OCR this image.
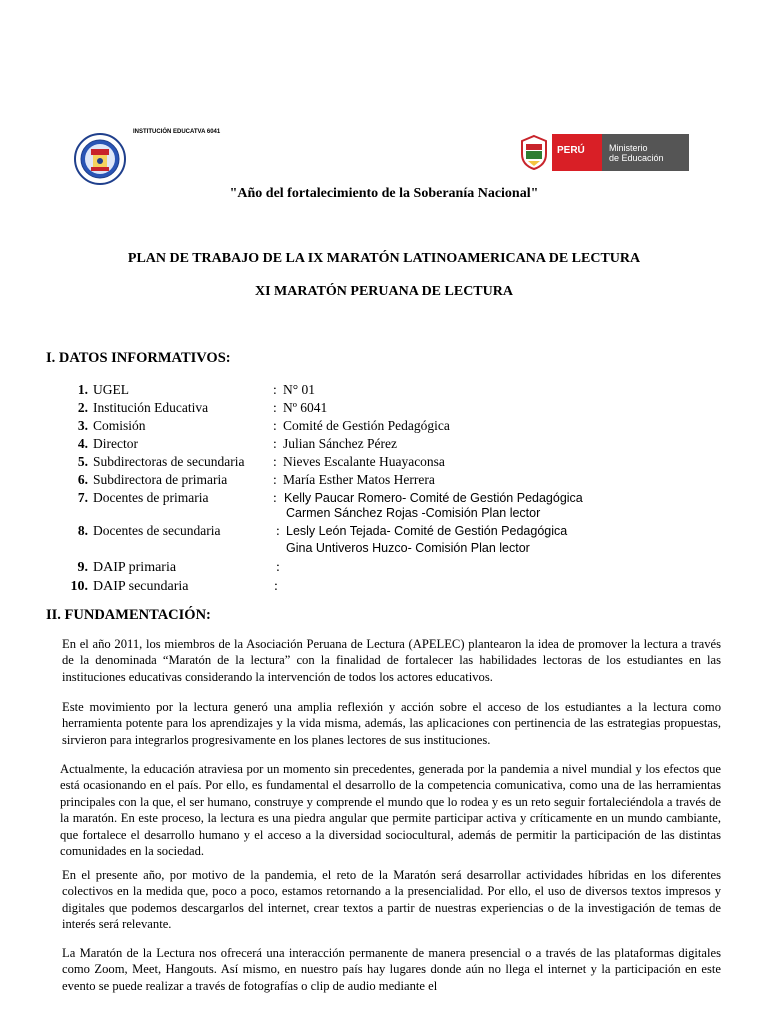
INSTITUCIÓN EDUCATVA 6041
PERÚ	Ministerio
de Educación
"Año del fortalecimiento de la Soberanía Nacional"
PLAN DE TRABAJO DE LA IX MARATÓN LATINOAMERICANA DE LECTURA
XI MARATÓN PERUANA DE LECTURA
I. DATOS INFORMATIVOS:
1. UGEL	: N° 01
2. Institución Educativa	: Nº 6041
3. Comisión	: Comité de Gestión Pedagógica
4. Director	: Julian Sánchez Pérez
5. Subdirectoras de secundaria : Nieves Escalante Huayaconsa
6. Subdirectora de primaria	: María Esther Matos Herrera
7. Docentes de primaria	: Kelly Paucar Romero- Comité de Gestión Pedagógica
Carmen Sánchez Rojas -Comisión Plan lector
8. Docentes de secundaria	: Lesly León Tejada- Comité de Gestión Pedagógica
Gina Untiveros Huzco- Comisión Plan lector
9. DAIP primaria	:
10. DAIP secundaria	:
II. FUNDAMENTACIÓN:
En el año 2011, los miembros de la Asociación Peruana de Lectura (APELEC) plantearon la idea de promover la lectura a través de la denominada “Maratón de la lectura” con la finalidad de fortalecer las habilidades lectoras de los estudiantes en las instituciones educativas considerando la intervención de todos los actores educativos.
Este movimiento por la lectura generó una amplia reflexión y acción sobre el acceso de los estudiantes a la lectura como herramienta potente para los aprendizajes y la vida misma, además, las aplicaciones con pertinencia de las estrategias propuestas, sirvieron para integrarlos progresivamente en los planes lectores de sus instituciones.
Actualmente, la educación atraviesa por un momento sin precedentes, generada por la pandemia a nivel mundial y los efectos que está ocasionando en el país. Por ello, es fundamental el desarrollo de la competencia comunicativa, como una de las herramientas principales con la que, el ser humano, construye y comprende el mundo que lo rodea y es un reto seguir fortaleciéndola a través de la maratón. En este proceso, la lectura es una piedra angular que permite participar activa y críticamente en un mundo cambiante, que fortalece el desarrollo humano y el acceso a la diversidad sociocultural, además de permitir la participación de las distintas comunidades en la sociedad.
En el presente año, por motivo de la pandemia, el reto de la Maratón será desarrollar actividades híbridas en los diferentes colectivos en la medida que, poco a poco, estamos retornando a la presencialidad. Por ello, el uso de diversos textos impresos y digitales que podemos descargarlos del internet, crear textos a partir de nuestras experiencias o de la investigación de temas de interés será relevante.
La Maratón de la Lectura nos ofrecerá una interacción permanente de manera presencial o a través de las plataformas digitales como Zoom, Meet, Hangouts. Así mismo, en nuestro país hay lugares donde aún no llega el internet y la participación en este evento se puede realizar a través de fotografías o clip de audio mediante el
